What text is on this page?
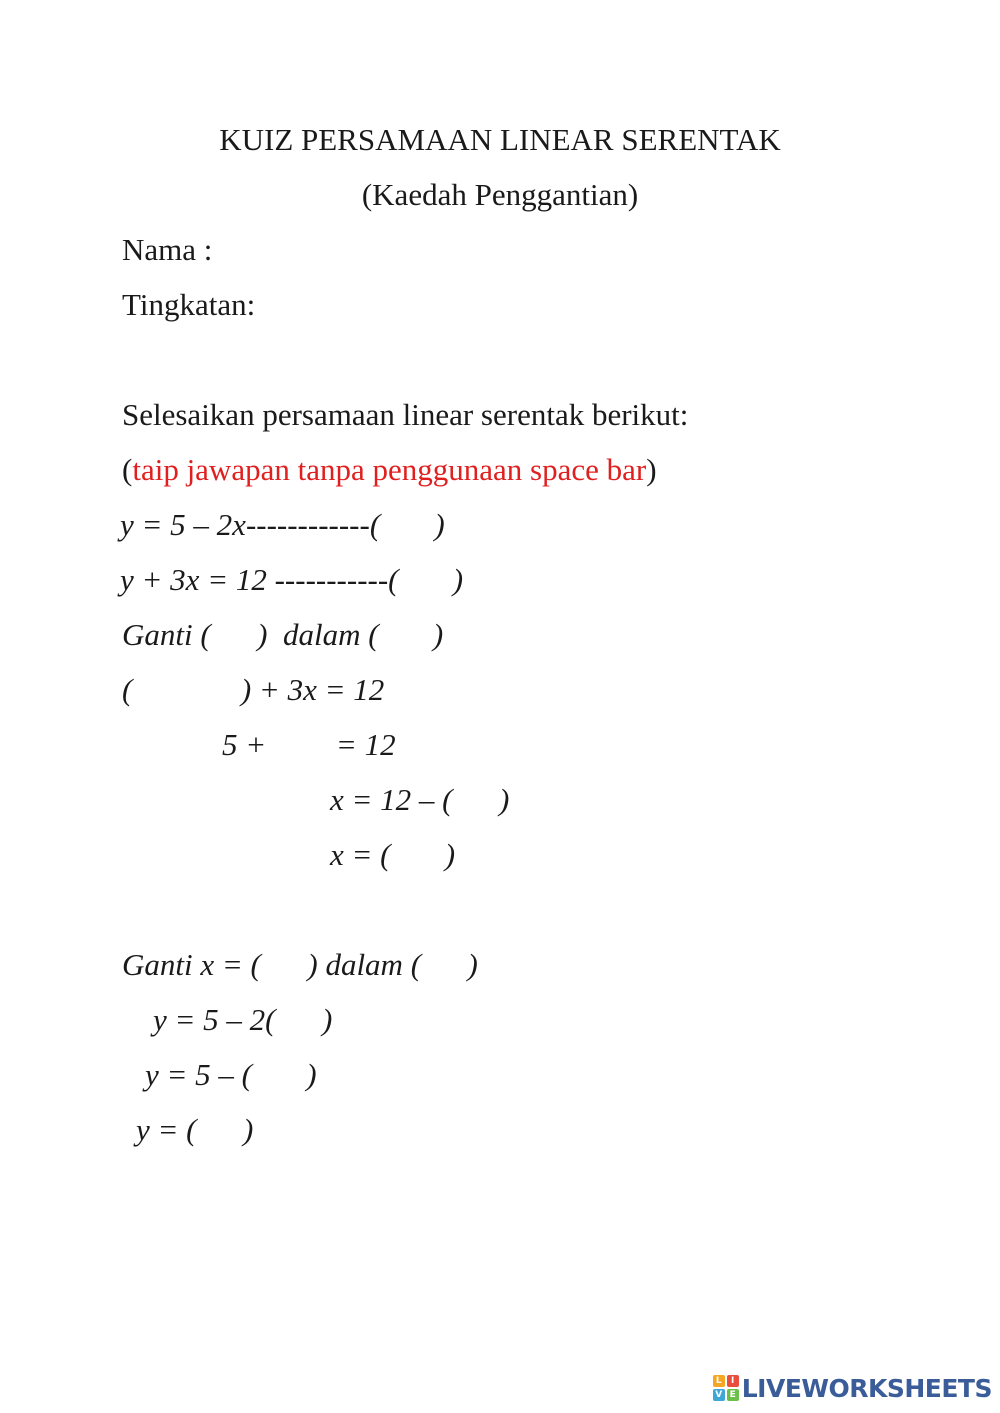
KUIZ PERSAMAAN LINEAR SERENTAK
(Kaedah Penggantian)
Nama :
Tingkatan:
Selesaikan persamaan linear serentak berikut:
(taip jawapan tanpa penggunaan space bar)
y = 5 – 2x------------(       )
y + 3x = 12 -----------(       )
Ganti (      )  dalam (       )
(              ) + 3x = 12
5 +         = 12
x = 12 – (      )
x = (       )
Ganti x = (      ) dalam (      )
y = 5 – 2(      )
y = 5 – (       )
y = (      )
L	I
V E LIVEWORKSHEETS
